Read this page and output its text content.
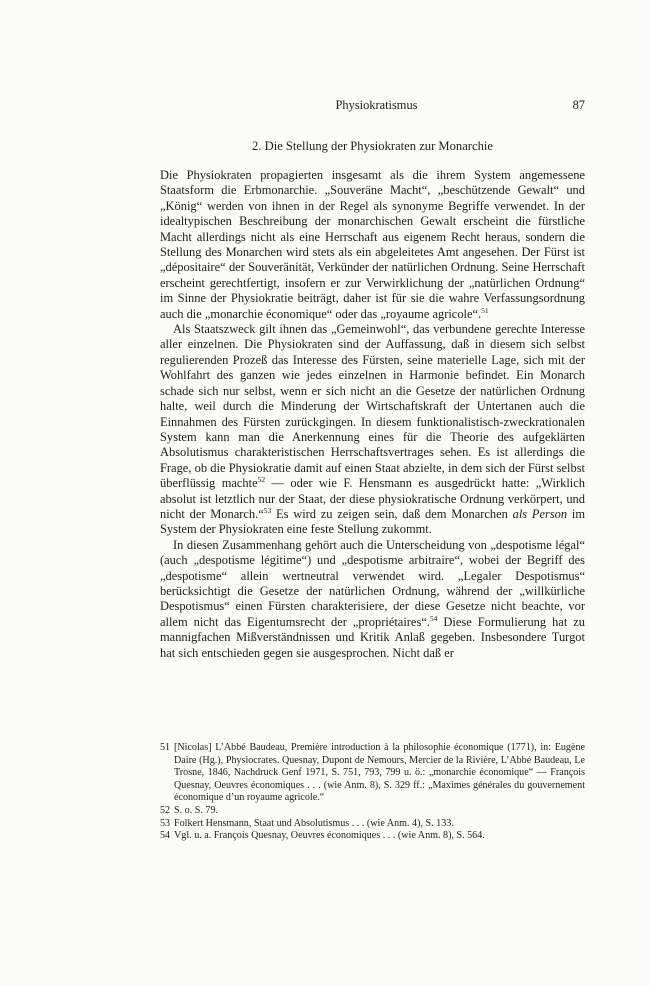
Physiokratismus	87
2. Die Stellung der Physiokraten zur Monarchie

Die Physiokraten propagierten insgesamt als die ihrem System angemessene Staatsform die Erbmonarchie. „Souveräne Macht“, „beschützende Gewalt“ und „König“ werden von ihnen in der Regel als synonyme Begriffe verwendet. In der idealtypischen Beschreibung der monarchischen Gewalt erscheint die fürstliche Macht allerdings nicht als eine Herrschaft aus eigenem Recht heraus, sondern die Stellung des Monarchen wird stets als ein abgeleitetes Amt angesehen. Der Fürst ist „dépositaire“ der Souveränität, Verkünder der natürlichen Ordnung. Seine Herrschaft erscheint gerechtfertigt, insofern er zur Verwirklichung der „natürlichen Ordnung“ im Sinne der Physiokratie beiträgt, daher ist für sie die wahre Verfassungsordnung auch die „monarchie économique“ oder das „royaume agricole“.$^{51}$

Als Staatszweck gilt ihnen das „Gemeinwohl“, das verbundene gerechte Interesse aller einzelnen. Die Physiokraten sind der Auffassung, daß in diesem sich selbst regulierenden Prozeß das Interesse des Fürsten, seine materielle Lage, sich mit der Wohlfahrt des ganzen wie jedes einzelnen in Harmonie befindet. Ein Monarch schade sich nur selbst, wenn er sich nicht an die Gesetze der natürlichen Ordnung halte, weil durch die Minderung der Wirtschaftskraft der Untertanen auch die Einnahmen des Fürsten zurückgingen. In diesem funktionalistisch-zweckrationalen System kann man die Anerkennung eines für die Theorie des aufgeklärten Absolutismus charakteristischen Herrschaftsvertrages sehen. Es ist allerdings die Frage, ob die Physiokratie damit auf einen Staat abzielte, in dem sich der Fürst selbst überflüssig machte$^{52}$ — oder wie F. Hensmann es ausgedrückt hatte: „Wirklich absolut ist letztlich nur der Staat, der diese physiokratische Ordnung verkörpert, und nicht der Monarch.“$^{53}$ Es wird zu zeigen sein, daß dem Monarchen als Person im System der Physiokraten eine feste Stellung zukommt.

In diesen Zusammenhang gehört auch die Unterscheidung von „despotisme légal“ (auch „despotisme légitime“) und „despotisme arbitraire“, wobei der Begriff des „despotisme“ allein wertneutral verwendet wird. „Legaler Despotismus“ berücksichtigt die Gesetze der natürlichen Ordnung, während der „willkürliche Despotismus“ einen Fürsten charakterisiere, der diese Gesetze nicht beachte, vor allem nicht das Eigentumsrecht der „propriétaires“.$^{54}$ Diese Formulierung hat zu mannigfachen Mißverständnissen und Kritik Anlaß gegeben. Insbesondere Turgot hat sich entschieden gegen sie ausgesprochen. Nicht daß er

51 [Nicolas] L’Abbé Baudeau, Première introduction à la philosophie économique (1771), in: Eugène Daire (Hg.), Physiocrates. Quesnay, Dupont de Nemours, Mercier de la Rivière, L’Abbé Baudeau, Le Trosne, 1846, Nachdruck Genf 1971, S. 751, 793, 799 u. ö.: „monarchie économique“ — François Quesnay, Oeuvres économiques . . . (wie Anm. 8), S. 329 ff.: „Maximes générales du gouvernement économique d’un royaume agricole.“
52 S. o. S. 79.
53 Folkert Hensmann, Staat und Absolutismus . . . (wie Anm. 4), S. 133.
54 Vgl. u. a. François Quesnay, Oeuvres économiques . . . (wie Anm. 8), S. 564.
